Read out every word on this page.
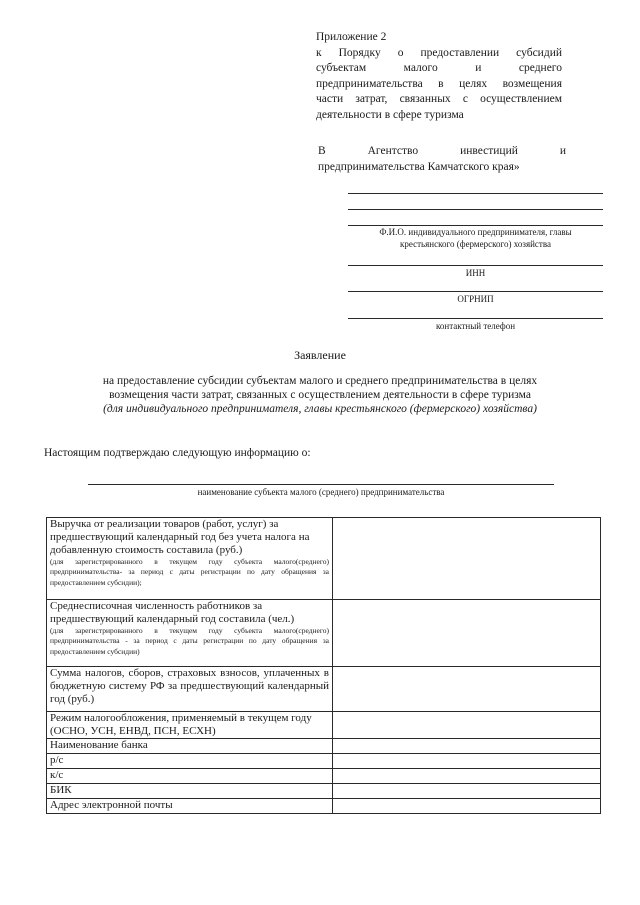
Приложение 2
к Порядку о предоставлении субсидий
субъектам малого и среднего
предпринимательства в целях возмещения
части затрат, связанных с осуществлением
деятельности в сфере туризма
В Агентство инвестиций и
предпринимательства Камчатского края»
Ф.И.О. индивидуального предпринимателя, главы
крестьянского (фермерского) хозяйства
ИНН
ОГРНИП
контактный телефон
Заявление
на предоставление субсидии субъектам малого и среднего предпринимательства в целях
возмещения части затрат, связанных с осуществлением деятельности в сфере туризма
(для индивидуального предпринимателя, главы крестьянского (фермерского) хозяйства)
Настоящим подтверждаю следующую информацию о:
наименование субъекта малого (среднего) предпринимательства
Выручка от реализации товаров (работ, услуг) за предшествующий календарный год без учета налога на добавленную стоимость составила (руб.)
(для зарегистрированного в текущем году субъекта малого(среднего) предпринимательства- за период с даты регистрации по дату обращения за предоставлением субсидии);	

Среднесписочная численность работников за предшествующий календарный год составила (чел.)
(для зарегистрированного в текущем году субъекта малого(среднего) предпринимательства - за период с даты регистрации по дату обращения за предоставлением субсидии)	

Сумма налогов, сборов, страховых взносов, уплаченных в бюджетную систему РФ за предшествующий календарный год (руб.)	

Режим налогообложения, применяемый в текущем году (ОСНО, УСН, ЕНВД, ПСН, ЕСХН)	

Наименование банка	

р/с	

к/с	

БИК	

Адрес электронной почты	
